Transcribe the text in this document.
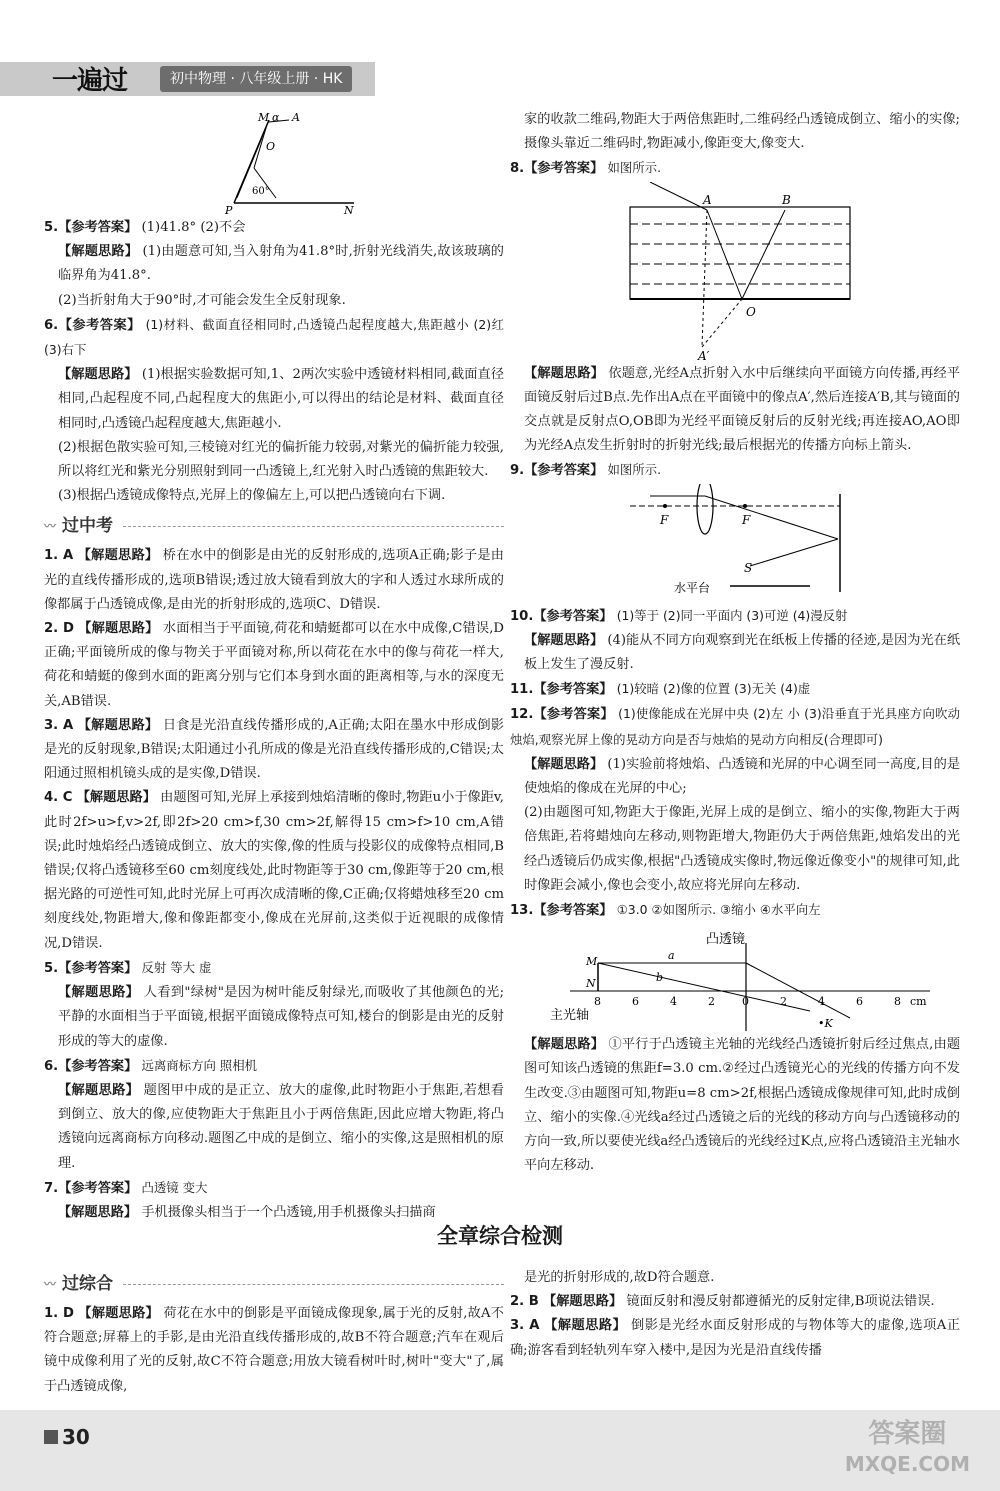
一遍过	初中物理 · 八年级上册 · HK
M α A
O
60°
P	N

5.【参考答案】 (1)41.8° (2)不会

【解题思路】 (1)由题意可知,当入射角为41.8°时,折射光线消失,故该玻璃的临界角为41.8°.

(2)当折射角大于90°时,才可能会发生全反射现象.

6.【参考答案】 (1)材料、截面直径相同时,凸透镜凸起程度越大,焦距越小 (2)红 (3)右下

【解题思路】 (1)根据实验数据可知,1、2两次实验中透镜材料相同,截面直径相同,凸起程度不同,凸起程度大的焦距小,可以得出的结论是材料、截面直径相同时,凸透镜凸起程度越大,焦距越小.

(2)根据色散实验可知,三棱镜对红光的偏折能力较弱,对紫光的偏折能力较强,所以将红光和紫光分别照射到同一凸透镜上,红光射入时凸透镜的焦距较大.

(3)根据凸透镜成像特点,光屏上的像偏左上,可以把凸透镜向右下调.

〰 过中考

1. A 【解题思路】 桥在水中的倒影是由光的反射形成的,选项A正确;影子是由光的直线传播形成的,选项B错误;透过放大镜看到放大的字和人透过水球所成的像都属于凸透镜成像,是由光的折射形成的,选项C、D错误.

2. D 【解题思路】 水面相当于平面镜,荷花和蜻蜓都可以在水中成像,C错误,D正确;平面镜所成的像与物关于平面镜对称,所以荷花在水中的像与荷花一样大,荷花和蜻蜓的像到水面的距离分别与它们本身到水面的距离相等,与水的深度无关,AB错误.

3. A 【解题思路】 日食是光沿直线传播形成的,A正确;太阳在墨水中形成倒影是光的反射现象,B错误;太阳通过小孔所成的像是光沿直线传播形成的,C错误;太阳通过照相机镜头成的是实像,D错误.

4. C 【解题思路】 由题图可知,光屏上承接到烛焰清晰的像时,物距u小于像距v,此时2f>u>f,v>2f,即2f>20 cm>f,30 cm>2f,解得15 cm>f>10 cm,A错误;此时烛焰经凸透镜成倒立、放大的实像,像的性质与投影仪的成像特点相同,B错误;仅将凸透镜移至60 cm刻度线处,此时物距等于30 cm,像距等于20 cm,根据光路的可逆性可知,此时光屏上可再次成清晰的像,C正确;仅将蜡烛移至20 cm刻度线处,物距增大,像和像距都变小,像成在光屏前,这类似于近视眼的成像情况,D错误.

5.【参考答案】 反射 等大 虚

【解题思路】 人看到"绿树"是因为树叶能反射绿光,而吸收了其他颜色的光;平静的水面相当于平面镜,根据平面镜成像特点可知,楼台的倒影是由光的反射形成的等大的虚像.

6.【参考答案】 远离商标方向 照相机

【解题思路】 题图甲中成的是正立、放大的虚像,此时物距小于焦距,若想看到倒立、放大的像,应使物距大于焦距且小于两倍焦距,因此应增大物距,将凸透镜向远离商标方向移动.题图乙中成的是倒立、缩小的实像,这是照相机的原理.

7.【参考答案】 凸透镜 变大

【解题思路】 手机摄像头相当于一个凸透镜,用手机摄像头扫描商

家的收款二维码,物距大于两倍焦距时,二维码经凸透镜成倒立、缩小的实像;摄像头靠近二维码时,物距减小,像距变大,像变大.

8.【参考答案】 如图所示.

A	B
O
A′

【解题思路】 依题意,光经A点折射入水中后继续向平面镜方向传播,再经平面镜反射后过B点.先作出A点在平面镜中的像点A′,然后连接A′B,其与镜面的交点就是反射点O,OB即为光经平面镜反射后的反射光线;再连接AO,AO即为光经A点发生折射时的折射光线;最后根据光的传播方向标上箭头.

9.【参考答案】 如图所示.

F	F
S
水平台

10.【参考答案】 (1)等于 (2)同一平面内 (3)可逆 (4)漫反射

【解题思路】 (4)能从不同方向观察到光在纸板上传播的径迹,是因为光在纸板上发生了漫反射.

11.【参考答案】 (1)较暗 (2)像的位置 (3)无关 (4)虚

12.【参考答案】 (1)使像能成在光屏中央 (2)左 小 (3)沿垂直于光具座方向吹动烛焰,观察光屏上像的晃动方向是否与烛焰的晃动方向相反(合理即可)

【解题思路】 (1)实验前将烛焰、凸透镜和光屏的中心调至同一高度,目的是使烛焰的像成在光屏的中心;

(2)由题图可知,物距大于像距,光屏上成的是倒立、缩小的实像,物距大于两倍焦距,若将蜡烛向左移动,则物距增大,物距仍大于两倍焦距,烛焰发出的光经凸透镜后仍成实像,根据"凸透镜成实像时,物远像近像变小"的规律可知,此时像距会减小,像也会变小,故应将光屏向左移动.

13.【参考答案】 ①3.0 ②如图所示. ③缩小 ④水平向左

凸透镜
M
N
a
b
主光轴
•K
8	6	4	2 0	2	4	6	8 cm

【解题思路】 ①平行于凸透镜主光轴的光线经凸透镜折射后经过焦点,由题图可知该凸透镜的焦距f=3.0 cm.②经过凸透镜光心的光线的传播方向不发生改变.③由题图可知,物距u=8 cm>2f,根据凸透镜成像规律可知,此时成倒立、缩小的实像.④光线a经过凸透镜之后的光线的移动方向与凸透镜移动的方向一致,所以要使光线a经凸透镜后的光线经过K点,应将凸透镜沿主光轴水平向左移动.

全章综合检测
〰 过综合

1. D 【解题思路】 荷花在水中的倒影是平面镜成像现象,属于光的反射,故A不符合题意;屏幕上的手影,是由光沿直线传播形成的,故B不符合题意;汽车在观后镜中成像利用了光的反射,故C不符合题意;用放大镜看树叶时,树叶"变大"了,属于凸透镜成像,

是光的折射形成的,故D符合题意.

2. B 【解题思路】 镜面反射和漫反射都遵循光的反射定律,B项说法错误.

3. A 【解题思路】 倒影是光经水面反射形成的与物体等大的虚像,选项A正确;游客看到轻轨列车穿入楼中,是因为光是沿直线传播

30	答案圈
MXQE.COM
